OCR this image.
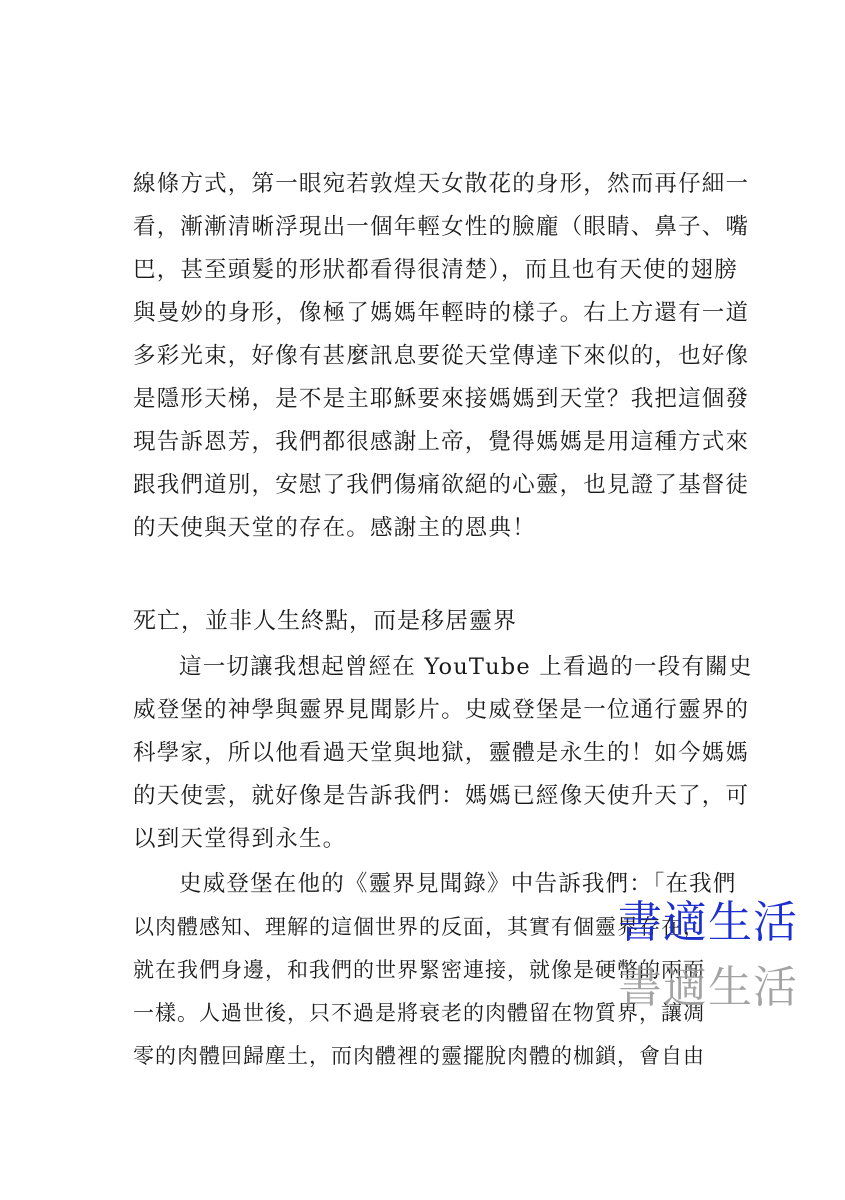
線條方式，第一眼宛若敦煌天女散花的身形，然而再仔細一
看，漸漸清晰浮現出一個年輕女性的臉龐（眼睛、鼻子、嘴
巴，甚至頭髮的形狀都看得很清楚），而且也有天使的翅膀
與曼妙的身形，像極了媽媽年輕時的樣子。右上方還有一道
多彩光束，好像有甚麼訊息要從天堂傳達下來似的，也好像
是隱形天梯，是不是主耶穌要來接媽媽到天堂？我把這個發
現告訴恩芳，我們都很感謝上帝，覺得媽媽是用這種方式來
跟我們道別，安慰了我們傷痛欲絕的心靈，也見證了基督徒
的天使與天堂的存在。感謝主的恩典！
死亡，並非人生終點，而是移居靈界
這一切讓我想起曾經在 YouTube 上看過的一段有關史
威登堡的神學與靈界見聞影片。史威登堡是一位通行靈界的
科學家，所以他看過天堂與地獄，靈體是永生的！如今媽媽
的天使雲，就好像是告訴我們：媽媽已經像天使升天了，可
以到天堂得到永生。
史威登堡在他的《靈界見聞錄》中告訴我們：「在我們
以肉體感知、理解的這個世界的反面，其實有個靈界存在，
就在我們身邊，和我們的世界緊密連接，就像是硬幣的兩面
一樣。人過世後，只不過是將衰老的肉體留在物質界，讓凋
零的肉體回歸塵土，而肉體裡的靈擺脫肉體的枷鎖，會自由
書適生活
書適生活
